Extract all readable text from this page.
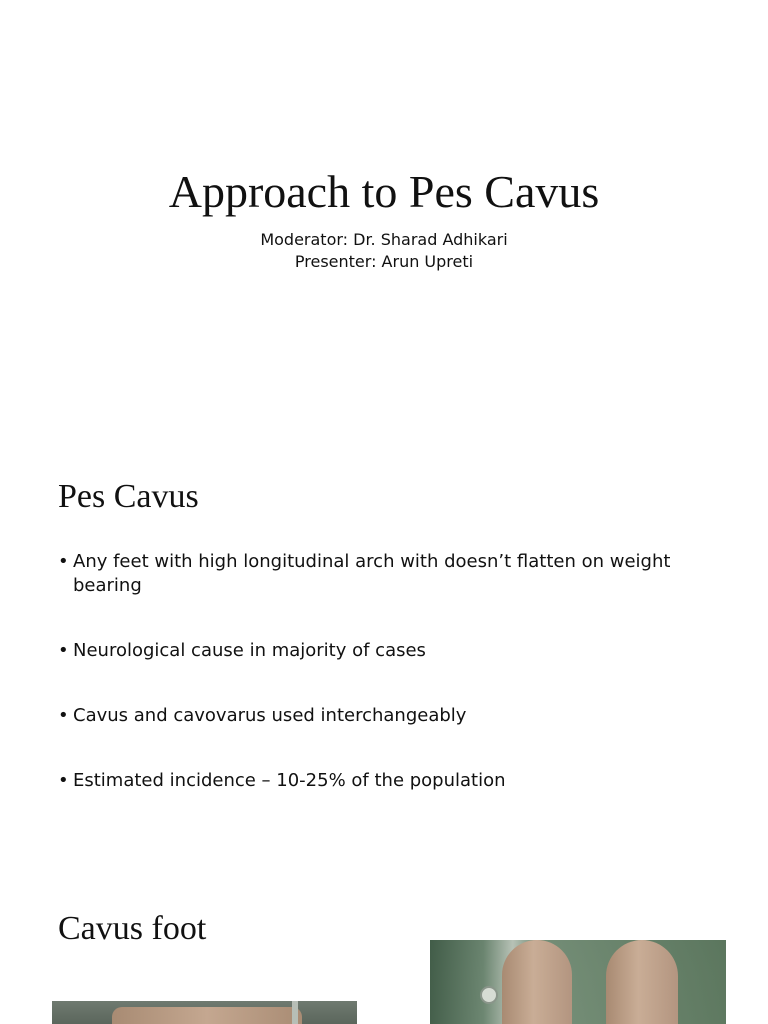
Approach to Pes Cavus
Moderator: Dr. Sharad Adhikari
Presenter: Arun Upreti
Pes Cavus
• Any feet with high longitudinal arch with doesn’t flatten on weight bearing
• Neurological cause in majority of cases
• Cavus and cavovarus used interchangeably
• Estimated incidence – 10-25% of the population
Cavus foot
